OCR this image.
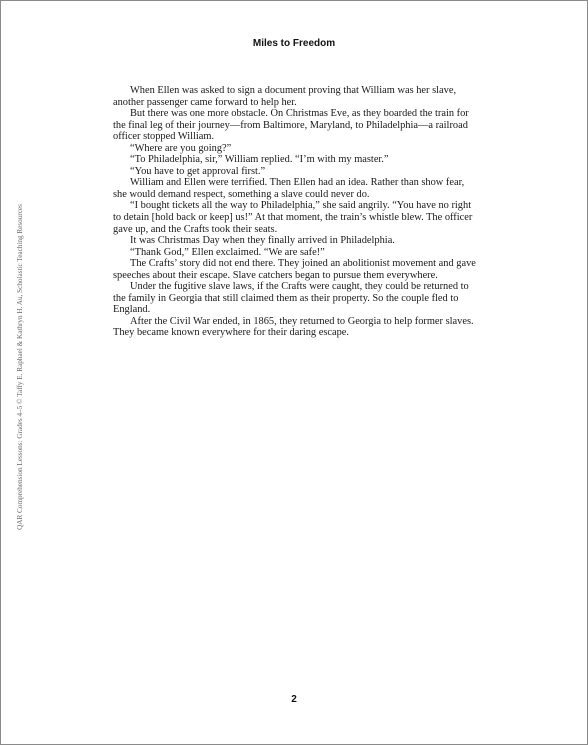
QAR Comprehension Lessons: Grades 4–5 © Taffy E. Raphael & Kathryn H. Au, Scholastic Teaching Resources
Miles to Freedom

When Ellen was asked to sign a document proving that William was her slave, another passenger came forward to help her.

But there was one more obstacle. On Christmas Eve, as they boarded the train for the final leg of their journey—from Baltimore, Maryland, to Philadelphia—a railroad officer stopped William.

“Where are you going?”

“To Philadelphia, sir,” William replied. “I’m with my master.”

“You have to get approval first.”

William and Ellen were terrified. Then Ellen had an idea. Rather than show fear, she would demand respect, something a slave could never do.

“I bought tickets all the way to Philadelphia,” she said angrily. “You have no right to detain [hold back or keep] us!” At that moment, the train’s whistle blew. The officer gave up, and the Crafts took their seats.

It was Christmas Day when they finally arrived in Philadelphia.

“Thank God,” Ellen exclaimed. “We are safe!”

The Crafts’ story did not end there. They joined an abolitionist movement and gave speeches about their escape. Slave catchers began to pursue them everywhere.

Under the fugitive slave laws, if the Crafts were caught, they could be returned to the family in Georgia that still claimed them as their property. So the couple fled to England.

After the Civil War ended, in 1865, they returned to Georgia to help former slaves. They became known everywhere for their daring escape.

2
